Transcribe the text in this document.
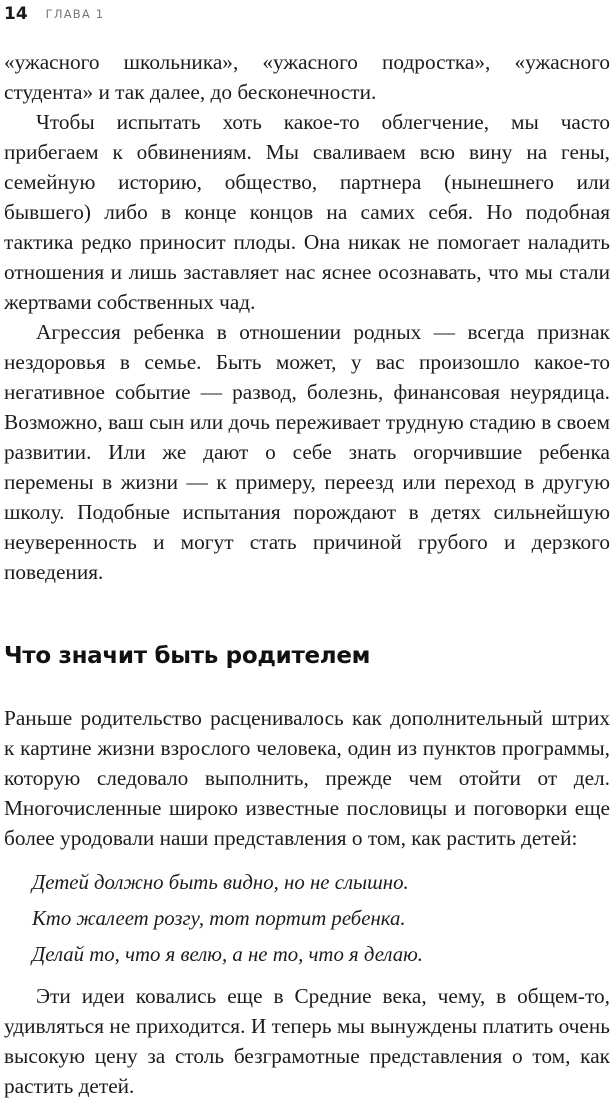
14 ГЛАВА 1

«ужасного школьника», «ужасного подростка», «ужасного студента» и так далее, до бесконечности.

Чтобы испытать хоть какое-то облегчение, мы часто прибегаем к обвинениям. Мы сваливаем всю вину на гены, семейную историю, общество, партнера (нынешнего или бывшего) либо в конце концов на самих себя. Но подобная тактика редко приносит плоды. Она никак не помогает наладить отношения и лишь заставляет нас яснее осознавать, что мы стали жертвами собственных чад.

Агрессия ребенка в отношении родных — всегда признак нездоровья в семье. Быть может, у вас произошло какое-то негативное событие — развод, болезнь, финансовая неурядица. Возможно, ваш сын или дочь переживает трудную стадию в своем развитии. Или же дают о себе знать огорчившие ребенка перемены в жизни — к примеру, переезд или переход в другую школу. Подобные испытания порождают в детях сильнейшую неуверенность и могут стать причиной грубого и дерзкого поведения.

Что значит быть родителем

Раньше родительство расценивалось как дополнительный штрих к картине жизни взрослого человека, один из пунктов программы, которую следовало выполнить, прежде чем отойти от дел. Многочисленные широко известные пословицы и поговорки еще более уродовали наши представления о том, как растить детей:

Детей должно быть видно, но не слышно.

Кто жалеет розгу, тот портит ребенка.

Делай то, что я велю, а не то, что я делаю.

Эти идеи ковались еще в Средние века, чему, в общем-то, удивляться не приходится. И теперь мы вынуждены платить очень высокую цену за столь безграмотные представления о том, как растить детей.
